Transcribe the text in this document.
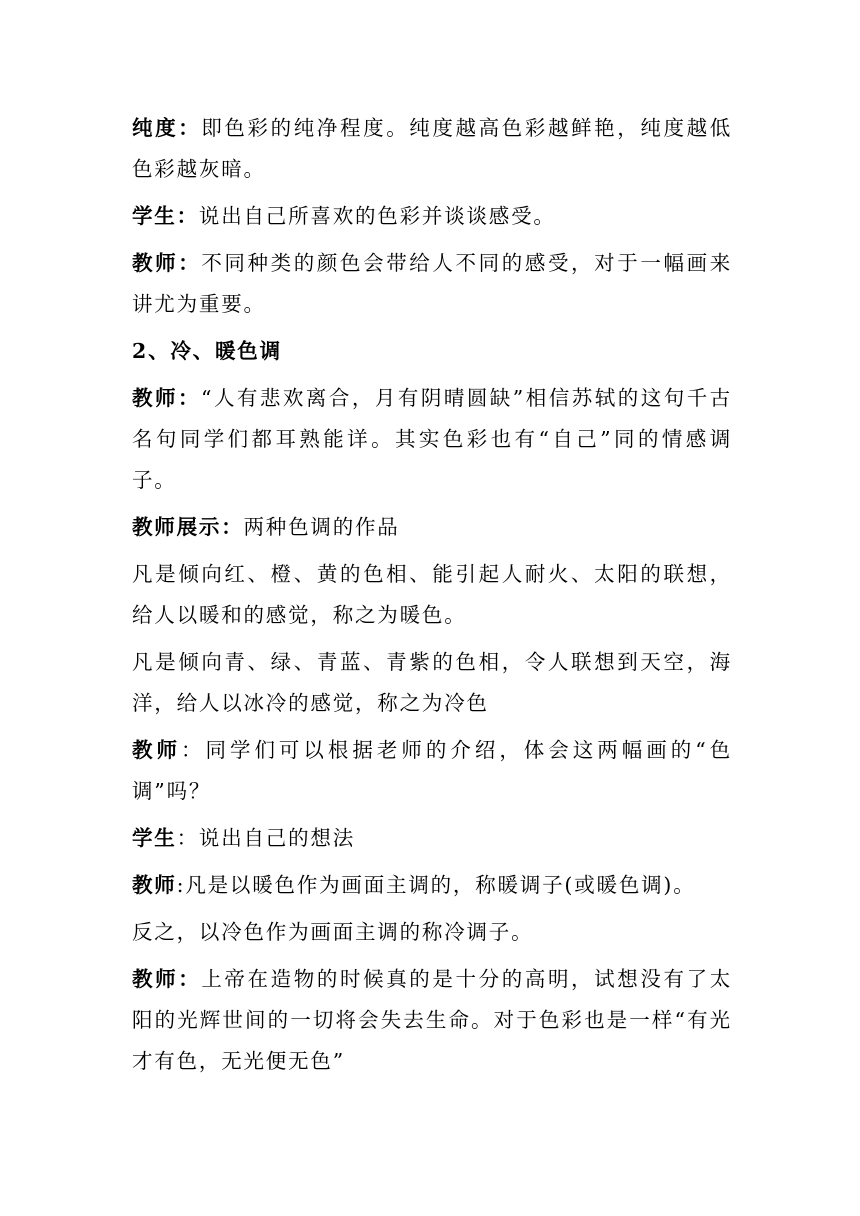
纯度：即色彩的纯净程度。纯度越高色彩越鲜艳，纯度越低色彩越灰暗。

学生：说出自己所喜欢的色彩并谈谈感受。

教师：不同种类的颜色会带给人不同的感受，对于一幅画来讲尤为重要。

2、冷、暖色调

教师：“人有悲欢离合，月有阴晴圆缺”相信苏轼的这句千古名句同学们都耳熟能详。其实色彩也有“自己”同的情感调子。

教师展示：两种色调的作品

凡是倾向红、橙、黄的色相、能引起人耐火、太阳的联想，给人以暖和的感觉，称之为暖色。

凡是倾向青、绿、青蓝、青紫的色相，令人联想到天空，海洋，给人以冰冷的感觉，称之为冷色

教师：同学们可以根据老师的介绍，体会这两幅画的“色调”吗？

学生：说出自己的想法

教师:凡是以暖色作为画面主调的，称暖调子(或暖色调)。

反之，以冷色作为画面主调的称冷调子。

教师：上帝在造物的时候真的是十分的高明，试想没有了太阳的光辉世间的一切将会失去生命。对于色彩也是一样“有光才有色，无光便无色”
